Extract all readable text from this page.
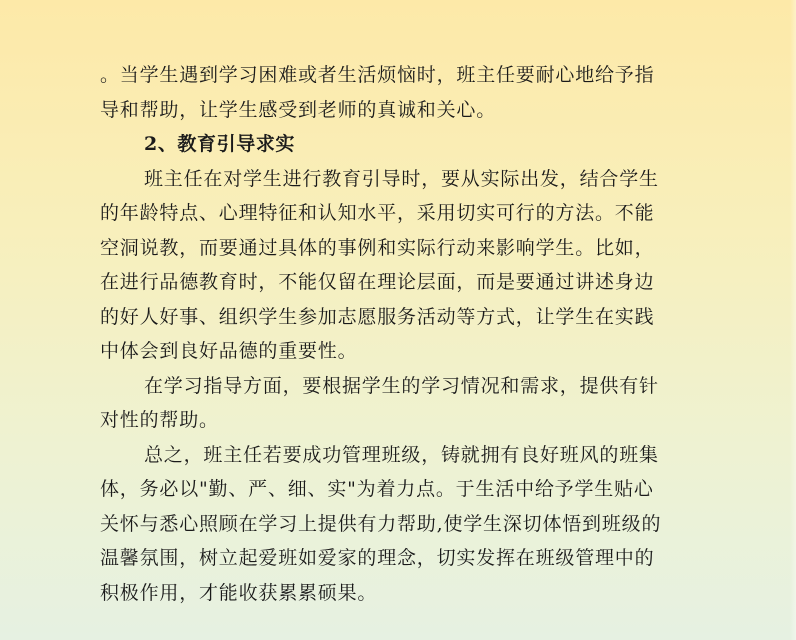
。当学生遇到学习困难或者生活烦恼时，班主任要耐心地给予指
导和帮助，让学生感受到老师的真诚和关心。

2、教育引导求实

班主任在对学生进行教育引导时，要从实际出发，结合学生
的年龄特点、心理特征和认知水平，采用切实可行的方法。不能
空洞说教，而要通过具体的事例和实际行动来影响学生。比如，
在进行品德教育时，不能仅留在理论层面，而是要通过讲述身边
的好人好事、组织学生参加志愿服务活动等方式，让学生在实践
中体会到良好品德的重要性。

在学习指导方面，要根据学生的学习情况和需求，提供有针
对性的帮助。

总之，班主任若要成功管理班级，铸就拥有良好班风的班集
体，务必以"勤、严、细、实"为着力点。于生活中给予学生贴心
关怀与悉心照顾在学习上提供有力帮助,使学生深切体悟到班级的
温馨氛围，树立起爱班如爱家的理念，切实发挥在班级管理中的
积极作用，才能收获累累硕果。
